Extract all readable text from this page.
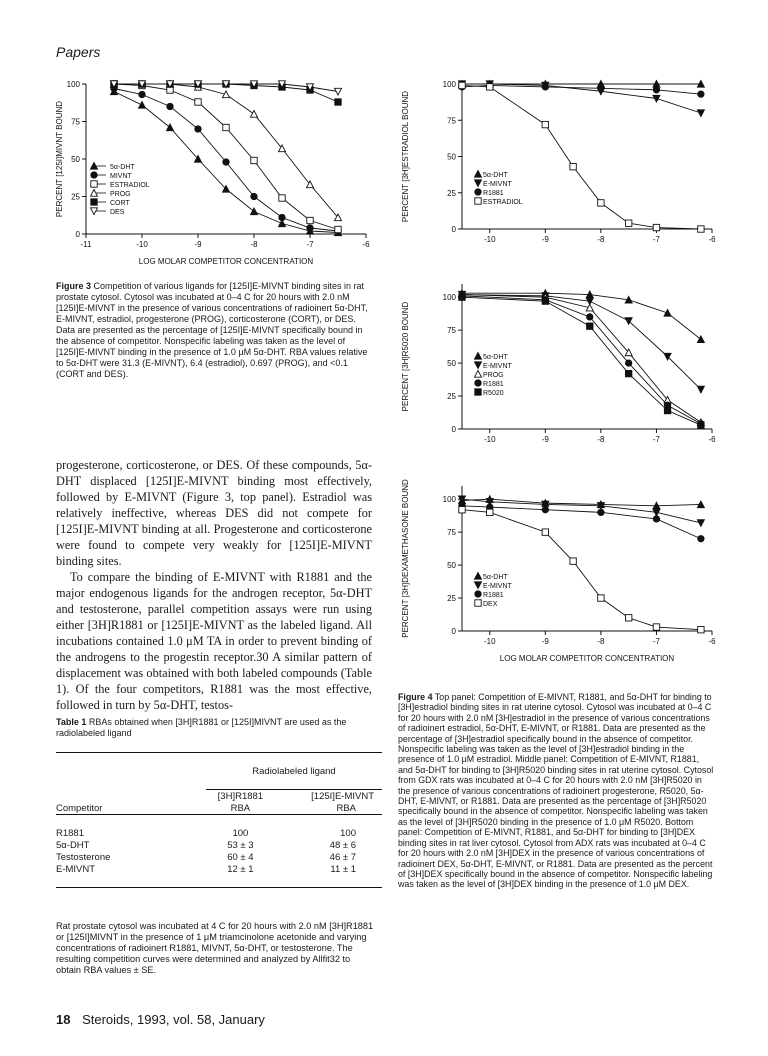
Papers
0
25
50
75
100
-11	-10	-9	-8	-7	-6
PERCENT [125I]MIVNT BOUND
LOG MOLAR COMPETITOR CONCENTRATION
5α-DHT
MIVNT
ESTRADIOL
PROG
CORT
DES
Figure 3 Competition of various ligands for [125I]E-MIVNT binding sites in rat prostate cytosol. Cytosol was incubated at 0–4 C for 20 hours with 2.0 nM [125I]E-MIVNT in the presence of various concentrations of radioinert 5α-DHT, E-MIVNT, estradiol, progesterone (PROG), corticosterone (CORT), or DES. Data are presented as the percentage of [125I]E-MIVNT specifically bound in the absence of competitor. Nonspecific labeling was taken as the level of [125I]E-MIVNT binding in the presence of 1.0 μM 5α-DHT. RBA values relative to 5α-DHT were 31.3 (E-MIVNT), 6.4 (estradiol), 0.697 (PROG), and <0.1 (CORT and DES).

progesterone, corticosterone, or DES. Of these compounds, 5α-DHT displaced [125I]E-MIVNT binding most effectively, followed by E-MIVNT (Figure 3, top panel). Estradiol was relatively ineffective, whereas DES did not compete for [125I]E-MIVNT binding at all. Progesterone and corticosterone were found to compete very weakly for [125I]E-MIVNT binding sites.

To compare the binding of E-MIVNT with R1881 and the major endogenous ligands for the androgen receptor, 5α-DHT and testosterone, parallel competition assays were run using either [3H]R1881 or [125I]E-MIVNT as the labeled ligand. All incubations contained 1.0 μM TA in order to prevent binding of the androgens to the progestin receptor.30 A similar pattern of displacement was obtained with both labeled compounds (Table 1). Of the four competitors, R1881 was the most effective, followed in turn by 5α-DHT, testos-

Table 1 RBAs obtained when [3H]R1881 or [125I]MIVNT are used as the radiolabeled ligand

	Radiolabeled ligand	

	[3H]R1881	[125I]E-MIVNT
Competitor	RBA	RBA

R1881	100	100
5α-DHT	53 ± 3	48 ± 6
Testosterone	60 ± 4	46 ± 7
E-MIVNT	12 ± 1	11 ± 1

Rat prostate cytosol was incubated at 4 C for 20 hours with 2.0 nM [3H]R1881 or [125I]MIVNT in the presence of 1 μM triamcinolone acetonide and varying concentrations of radioinert R1881, MIVNT, 5α-DHT, or testosterone. The resulting competition curves were determined and analyzed by Allfit32 to obtain RBA values ± SE.
0
25
50
75
100
-10	-9	-8	-7	-6
PERCENT [3H]ESTRADIOL BOUND	5α-DHT
E-MIVNT
R1881
ESTRADIOL
0
25
50
75
100
-10	-9	-8	-7	-6
PERCENT [3H]R5020 BOUND	5α-DHT
E-MIVNT
PROG
R1881
R5020
0
25
50
75
100
-10	-9	-8	-7	-6
PERCENT [3H]DEXAMETHASONE BOUND
LOG MOLAR COMPETITOR CONCENTRATION
5α-DHT
E-MIVNT
R1881
DEX
Figure 4 Top panel: Competition of E-MIVNT, R1881, and 5α-DHT for binding to [3H]estradiol binding sites in rat uterine cytosol. Cytosol was incubated at 0–4 C for 20 hours with 2.0 nM [3H]estradiol in the presence of various concentrations of radioinert estradiol, 5α-DHT, E-MIVNT, or R1881. Data are presented as the percentage of [3H]estradiol specifically bound in the absence of competitor. Nonspecific labeling was taken as the level of [3H]estradiol binding in the presence of 1.0 μM estradiol. Middle panel: Competition of E-MIVNT, R1881, and 5α-DHT for binding to [3H]R5020 binding sites in rat uterine cytosol. Cytosol from GDX rats was incubated at 0–4 C for 20 hours with 2.0 nM [3H]R5020 in the presence of various concentrations of radioinert progesterone, R5020, 5α-DHT, E-MIVNT, or R1881. Data are presented as the percentage of [3H]R5020 specifically bound in the absence of competitor. Nonspecific labeling was taken as the level of [3H]R5020 binding in the presence of 1.0 μM R5020. Bottom panel: Competition of E-MIVNT, R1881, and 5α-DHT for binding to [3H]DEX binding sites in rat liver cytosol. Cytosol from ADX rats was incubated at 0–4 C for 20 hours with 2.0 nM [3H]DEX in the presence of various concentrations of radioinert DEX, 5α-DHT, E-MIVNT, or R1881. Data are presented as the percent of [3H]DEX specifically bound in the absence of competitor. Nonspecific labeling was taken as the level of [3H]DEX binding in the presence of 1.0 μM DEX.
18 Steroids, 1993, vol. 58, January
